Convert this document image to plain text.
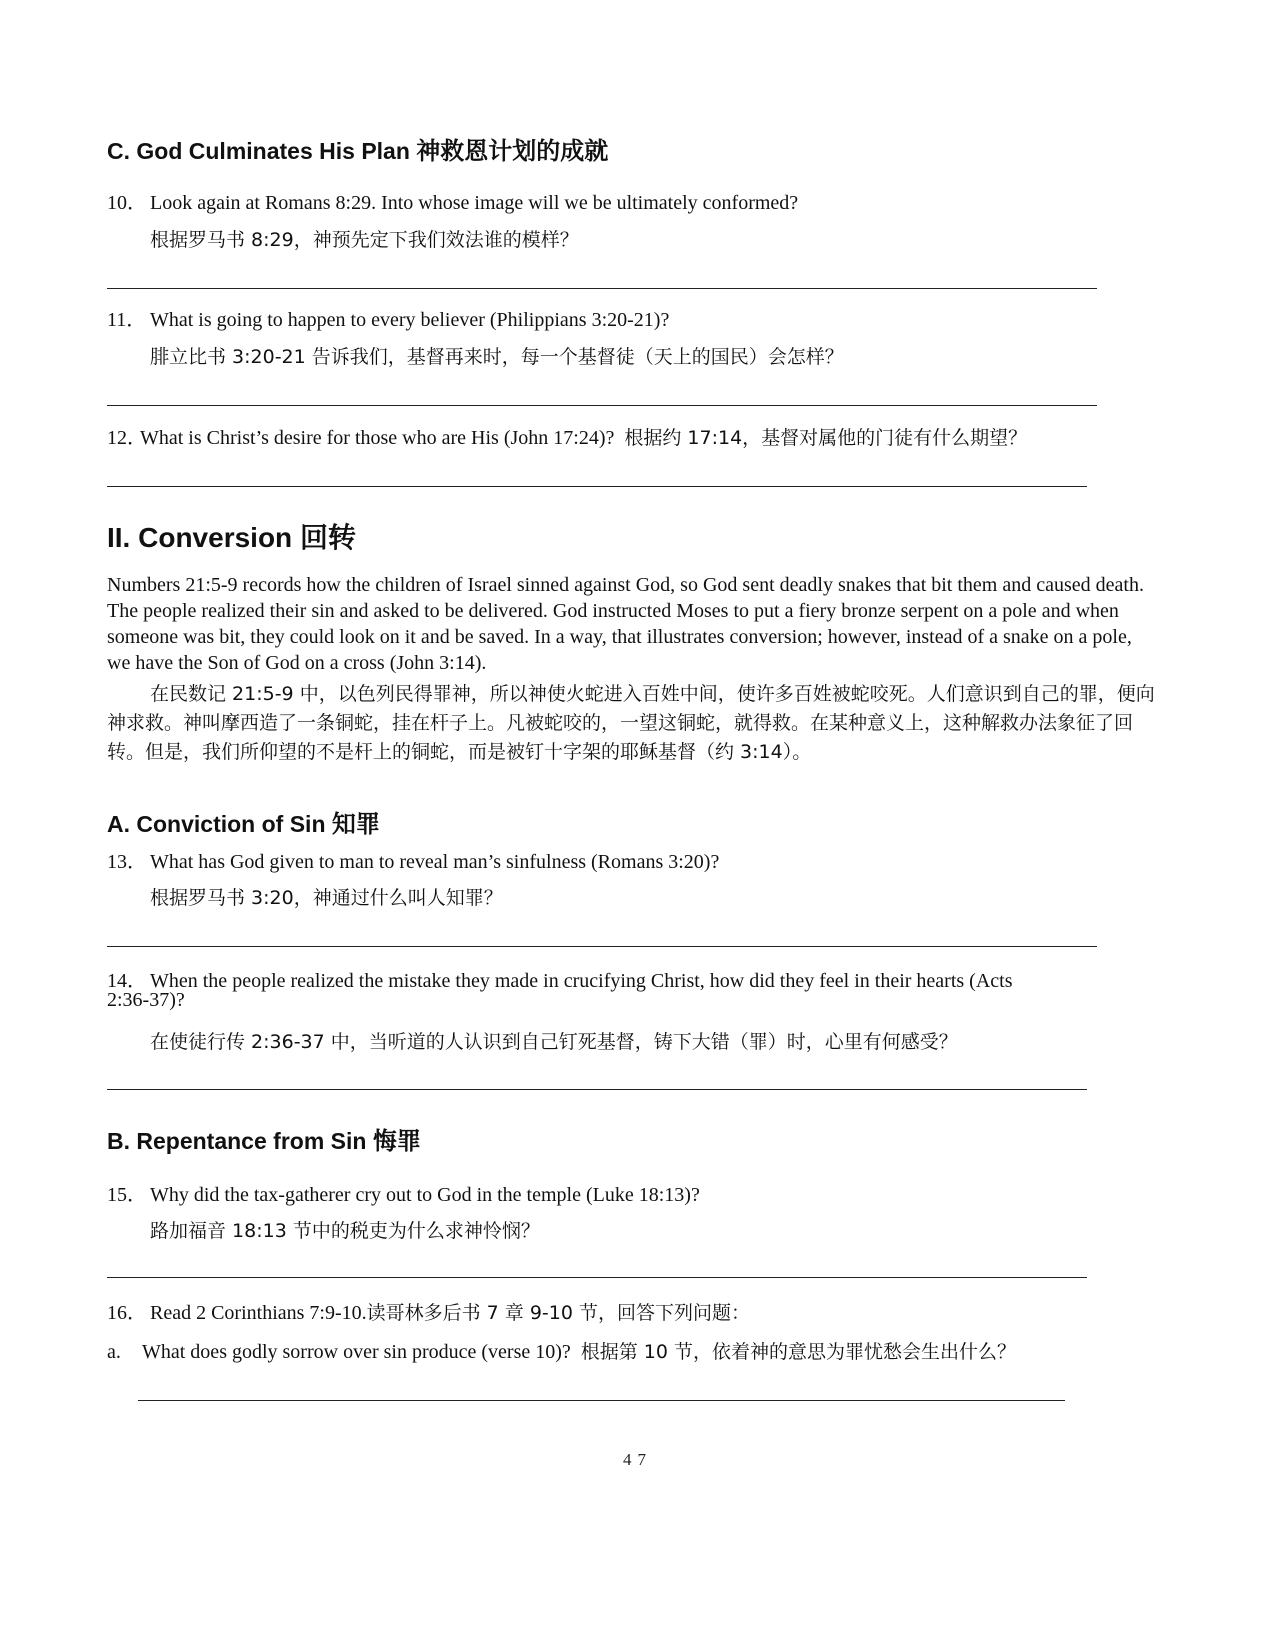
C. God Culminates His Plan 神救恩计划的成就
10． Look again at Romans 8:29. Into whose image will we be ultimately conformed?
根据罗马书 8:29，神预先定下我们效法谁的模样？
11． What is going to happen to every believer (Philippians 3:20-21)?
腓立比书 3:20-21 告诉我们，基督再来时，每一个基督徒（天上的国民）会怎样？
12．What is Christ’s desire for those who are His (John 17:24)? 根据约 17:14，基督对属他的门徒有什么期望？
II. Conversion 回转
Numbers 21:5-9 records how the children of Israel sinned against God, so God sent deadly snakes that bit them and caused death. The people realized their sin and asked to be delivered. God instructed Moses to put a fiery bronze serpent on a pole and when someone was bit, they could look on it and be saved. In a way, that illustrates conversion; however, instead of a snake on a pole, we have the Son of God on a cross (John 3:14).
在民数记 21:5-9 中，以色列民得罪神，所以神使火蛇进入百姓中间，使许多百姓被蛇咬死。人们意识到自己的罪，便向神求救。神叫摩西造了一条铜蛇，挂在杆子上。凡被蛇咬的，一望这铜蛇，就得救。在某种意义上，这种解救办法象征了回转。但是，我们所仰望的不是杆上的铜蛇，而是被钉十字架的耶稣基督（约 3:14）。
A. Conviction of Sin 知罪
13． What has God given to man to reveal man’s sinfulness (Romans 3:20)?
根据罗马书 3:20，神通过什么叫人知罪？
14． When the people realized the mistake they made in crucifying Christ, how did they feel in their hearts (Acts
2:36-37)?
在使徒行传 2:36-37 中，当听道的人认识到自己钉死基督，铸下大错（罪）时，心里有何感受？
B. Repentance from Sin 悔罪
15． Why did the tax-gatherer cry out to God in the temple (Luke 18:13)?
路加福音 18:13 节中的税吏为什么求神怜悯？
16． Read 2 Corinthians 7:9-10.读哥林多后书 7 章 9-10 节，回答下列问题：
a. What does godly sorrow over sin produce (verse 10)? 根据第 10 节，依着神的意思为罪忧愁会生出什么？
47
